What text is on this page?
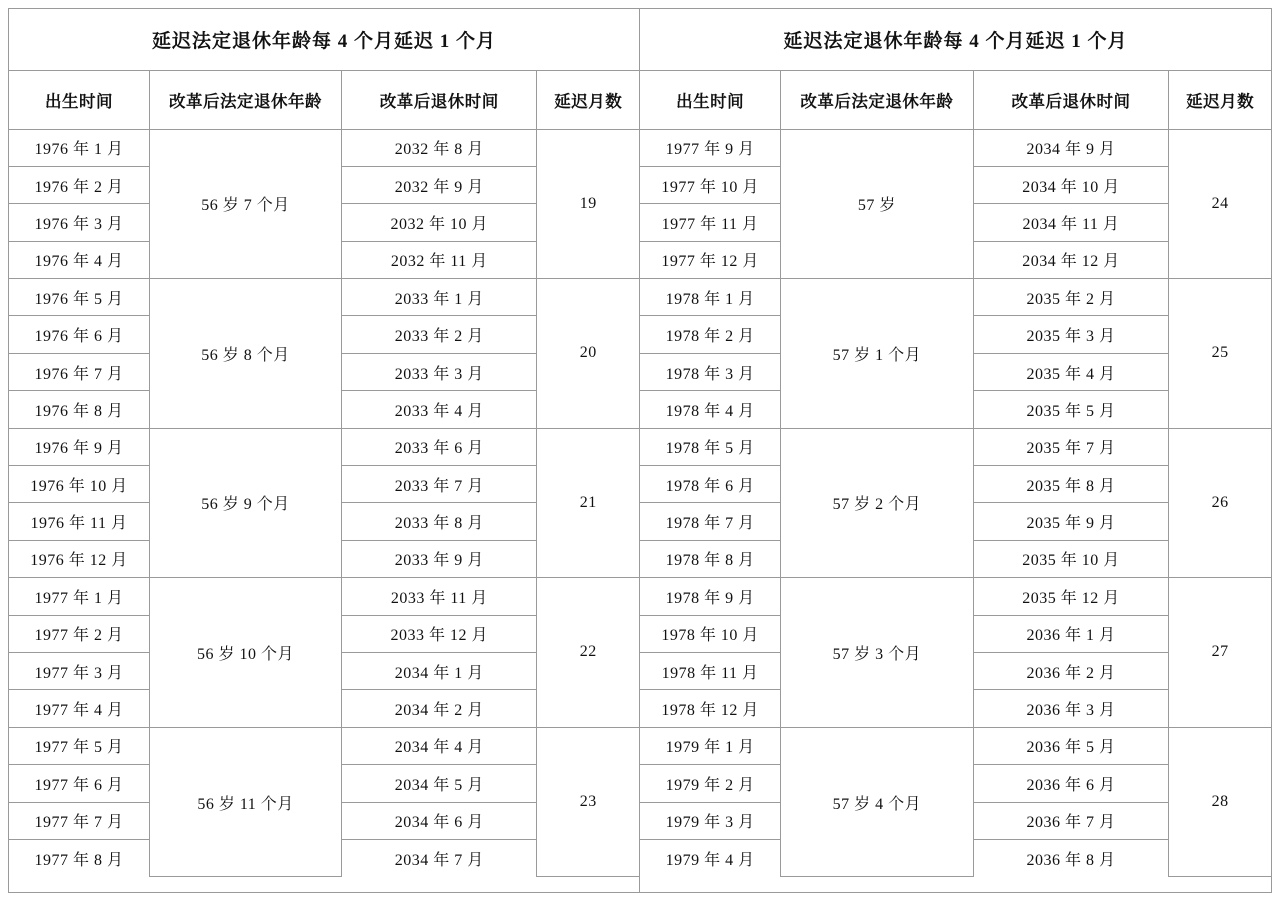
延迟法定退休年龄每 4 个月延迟 1 个月
出生时间	改革后法定退休年龄	改革后退休时间	延迟月数
1976 年 1 月	56 岁 7 个月	2032 年 8 月	19
1976 年 2 月		2032 年 9 月	
1976 年 3 月		2032 年 10 月	
1976 年 4 月		2032 年 11 月	
1976 年 5 月	56 岁 8 个月	2033 年 1 月	20
1976 年 6 月		2033 年 2 月	
1976 年 7 月		2033 年 3 月	
1976 年 8 月		2033 年 4 月	
1976 年 9 月	56 岁 9 个月	2033 年 6 月	21
1976 年 10 月		2033 年 7 月	
1976 年 11 月		2033 年 8 月	
1976 年 12 月		2033 年 9 月	
1977 年 1 月	56 岁 10 个月	2033 年 11 月	22
1977 年 2 月		2033 年 12 月	
1977 年 3 月		2034 年 1 月	
1977 年 4 月		2034 年 2 月	
1977 年 5 月	56 岁 11 个月	2034 年 4 月	23
1977 年 6 月		2034 年 5 月	
1977 年 7 月		2034 年 6 月	
1977 年 8 月		2034 年 7 月	
延迟法定退休年龄每 4 个月延迟 1 个月
出生时间	改革后法定退休年龄	改革后退休时间	延迟月数
1977 年 9 月	57 岁	2034 年 9 月	24
1977 年 10 月		2034 年 10 月	
1977 年 11 月		2034 年 11 月	
1977 年 12 月		2034 年 12 月	
1978 年 1 月	57 岁 1 个月	2035 年 2 月	25
1978 年 2 月		2035 年 3 月	
1978 年 3 月		2035 年 4 月	
1978 年 4 月		2035 年 5 月	
1978 年 5 月	57 岁 2 个月	2035 年 7 月	26
1978 年 6 月		2035 年 8 月	
1978 年 7 月		2035 年 9 月	
1978 年 8 月		2035 年 10 月	
1978 年 9 月	57 岁 3 个月	2035 年 12 月	27
1978 年 10 月		2036 年 1 月	
1978 年 11 月		2036 年 2 月	
1978 年 12 月		2036 年 3 月	
1979 年 1 月	57 岁 4 个月	2036 年 5 月	28
1979 年 2 月		2036 年 6 月	
1979 年 3 月		2036 年 7 月	
1979 年 4 月		2036 年 8 月	
